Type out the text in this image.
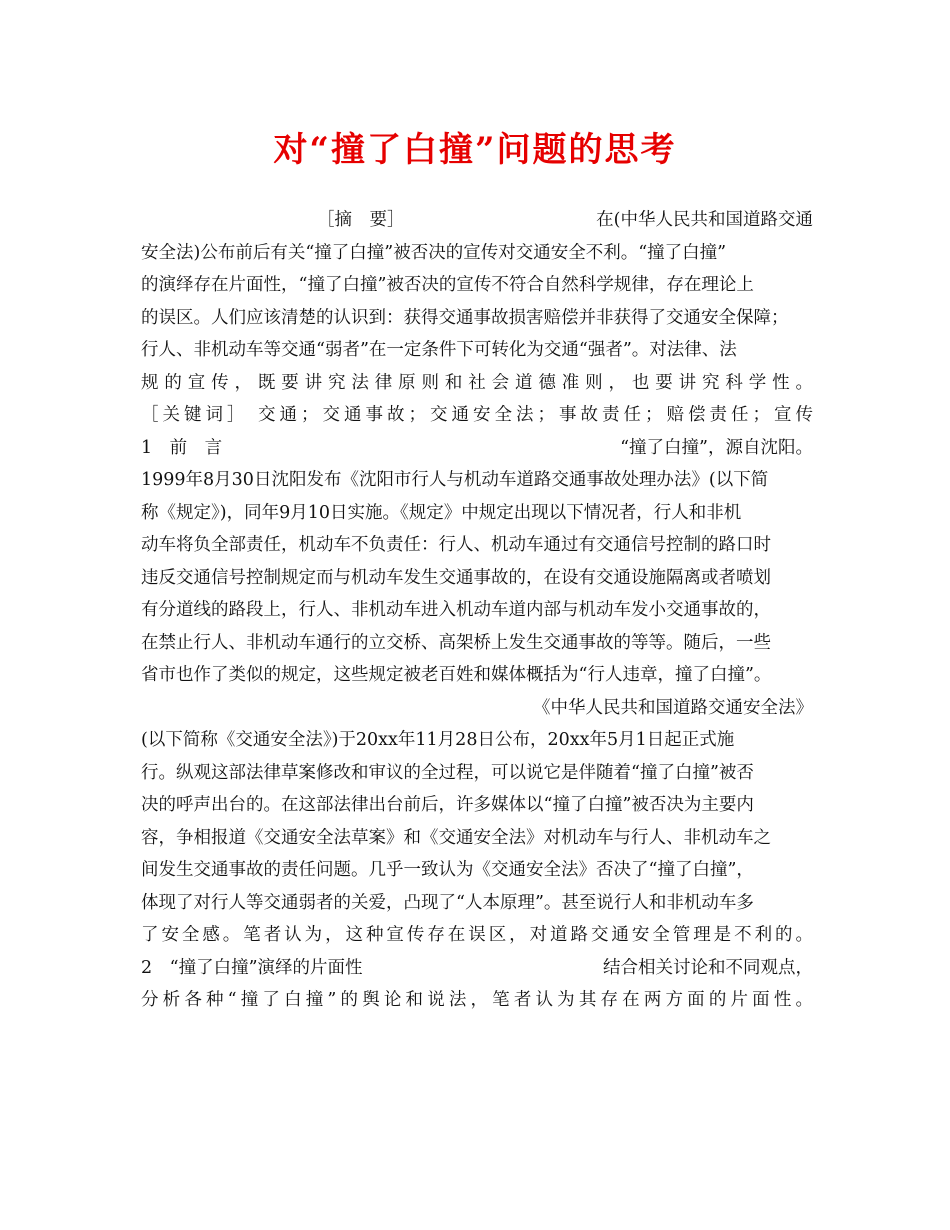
对“撞了白撞”问题的思考
［摘　要］	在(中华人民共和国道路交通
安全法)公布前后有关“撞了白撞”被否决的宣传对交通安全不利。“撞了白撞”
的演绎存在片面性，“撞了白撞”被否决的宣传不符合自然科学规律，存在理论上
的误区。人们应该清楚的认识到：获得交通事故损害赔偿并非获得了交通安全保障；
行人、非机动车等交通“弱者”在一定条件下可转化为交通“强者”。对法律、法
规的宣传，既要讲究法律原则和社会道德准则，也要讲究科学性。
［关键词］ 交通；交通事故；交通安全法；事故责任；赔偿责任；宣传
1　前　言	“撞了白撞”，源自沈阳。
1999年8月30日沈阳发布《沈阳市行人与机动车道路交通事故处理办法》(以下简
称《规定》)，同年9月10日实施。《规定》中规定出现以下情况者，行人和非机
动车将负全部责任，机动车不负责任：行人、机动车通过有交通信号控制的路口时
违反交通信号控制规定而与机动车发生交通事故的，在设有交通设施隔离或者喷划
有分道线的路段上，行人、非机动车进入机动车道内部与机动车发小交通事故的，
在禁止行人、非机动车通行的立交桥、高架桥上发生交通事故的等等。随后，一些
省市也作了类似的规定，这些规定被老百姓和媒体概括为“行人违章，撞了白撞”。
《中华人民共和国道路交通安全法》
(以下简称《交通安全法》)于20xx年11月28日公布，20xx年5月1日起正式施
行。纵观这部法律草案修改和审议的全过程，可以说它是伴随着“撞了白撞”被否
决的呼声出台的。在这部法律出台前后，许多媒体以“撞了白撞”被否决为主要内
容，争相报道《交通安全法草案》和《交通安全法》对机动车与行人、非机动车之
间发生交通事故的责任问题。几乎一致认为《交通安全法》否决了“撞了白撞”，
体现了对行人等交通弱者的关爱，凸现了“人本原理”。甚至说行人和非机动车多
了安全感。笔者认为，这种宣传存在误区，对道路交通安全管理是不利的。
2　“撞了白撞”演绎的片面性	结合相关讨论和不同观点，
分析各种“撞了白撞”的舆论和说法，笔者认为其存在两方面的片面性。
